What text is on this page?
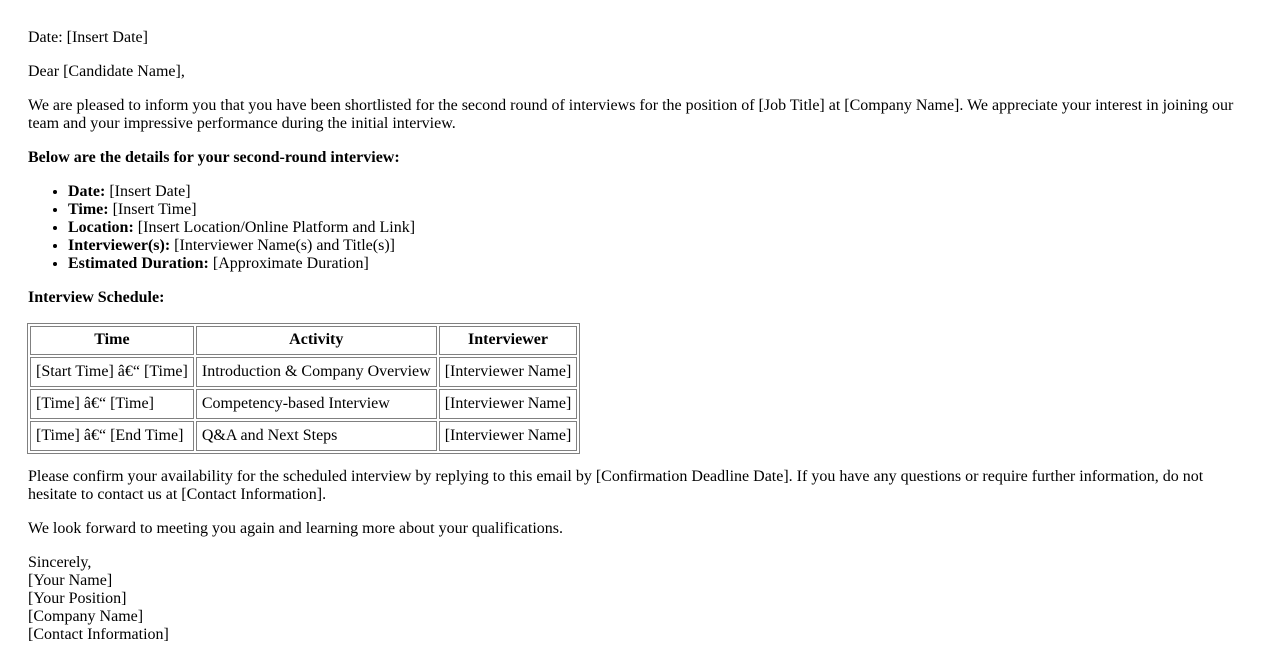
Date: [Insert Date]

Dear [Candidate Name],

We are pleased to inform you that you have been shortlisted for the second round of interviews for the position of [Job Title] at [Company Name]. We appreciate your interest in joining our team and your impressive performance during the initial interview.

Below are the details for your second-round interview:

• Date: [Insert Date]
• Time: [Insert Time]
• Location: [Insert Location/Online Platform and Link]
• Interviewer(s): [Interviewer Name(s) and Title(s)]
• Estimated Duration: [Approximate Duration]

Interview Schedule:

Time	Activity	Interviewer
[Start Time] â€“ [Time]	Introduction & Company Overview	[Interviewer Name]
[Time] â€“ [Time]	Competency-based Interview	[Interviewer Name]
[Time] â€“ [End Time]	Q&A and Next Steps	[Interviewer Name]

Please confirm your availability for the scheduled interview by replying to this email by [Confirmation Deadline Date]. If you have any questions or require further information, do not hesitate to contact us at [Contact Information].

We look forward to meeting you again and learning more about your qualifications.

Sincerely,
[Your Name]
[Your Position]
[Company Name]
[Contact Information]
